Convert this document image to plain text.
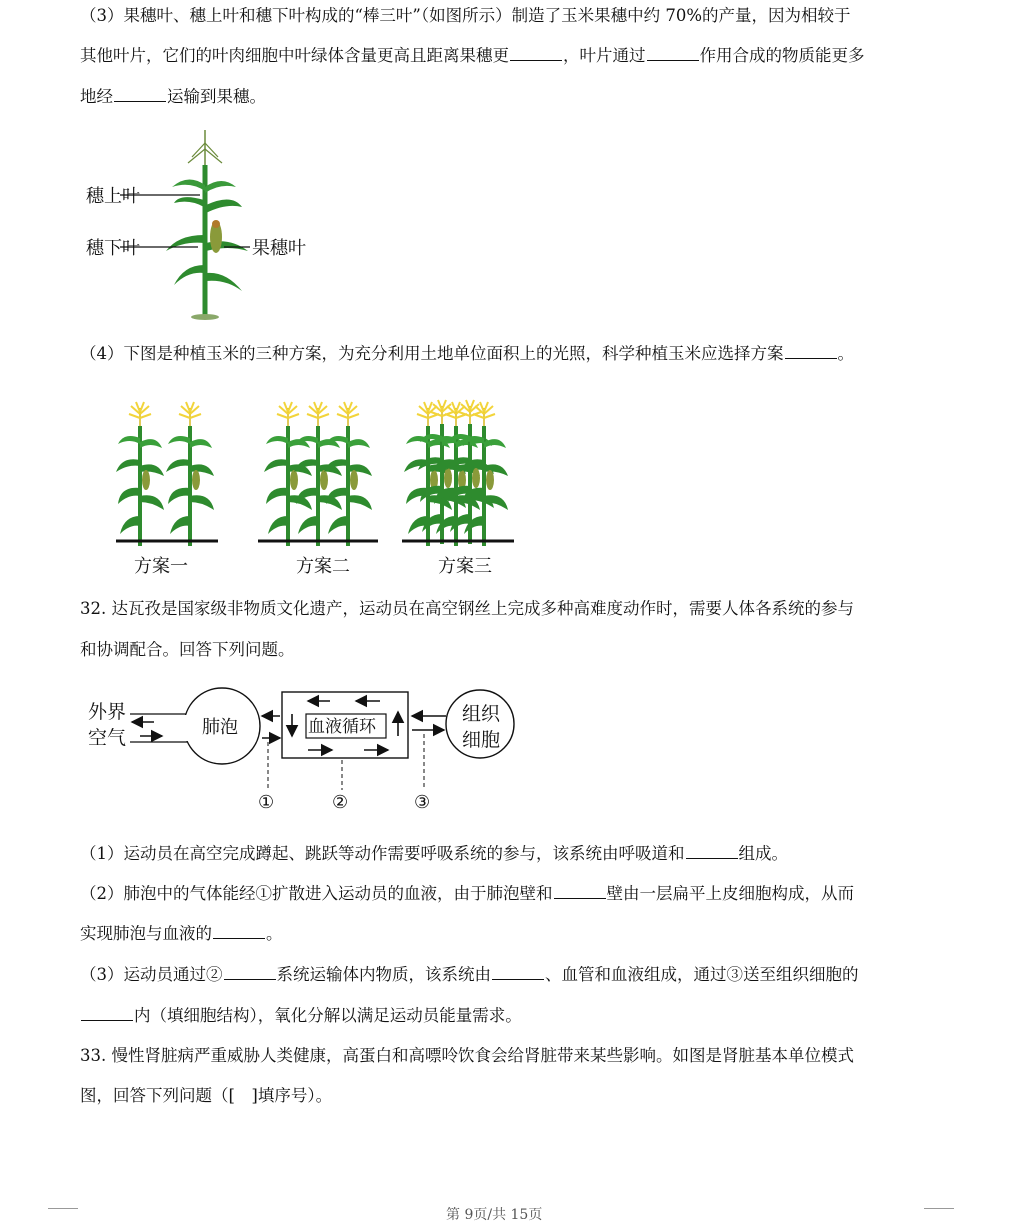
（3）果穗叶、穗上叶和穗下叶构成的“棒三叶”（如图所示）制造了玉米果穗中约 70%的产量，因为相较于
其他叶片，它们的叶肉细胞中叶绿体含量更高且距离果穗更	，叶片通过	作用合成的物质能更多
地经	运输到果穗。
穗上叶
穗下叶	果穗叶
（4）下图是种植玉米的三种方案，为充分利用土地单位面积上的光照，科学种植玉米应选择方案	。
方案一	方案二	方案三
32. 达瓦孜是国家级非物质文化遗产，运动员在高空钢丝上完成多种高难度动作时，需要人体各系统的参与
和协调配合。回答下列问题。
外界
空气	肺泡	血液循环
组织
细胞
①	②	③
（1）运动员在高空完成蹲起、跳跃等动作需要呼吸系统的参与，该系统由呼吸道和	组成。
（2）肺泡中的气体能经①扩散进入运动员的血液，由于肺泡壁和	壁由一层扁平上皮细胞构成，从而
实现肺泡与血液的	。
（3）运动员通过②	系统运输体内物质，该系统由	、血管和血液组成，通过③送至组织细胞的
内（填细胞结构），氧化分解以满足运动员能量需求。
33. 慢性肾脏病严重威胁人类健康，高蛋白和高嘌呤饮食会给肾脏带来某些影响。如图是肾脏基本单位模式
图，回答下列问题（[　]填序号）。
第 9页/共 15页
